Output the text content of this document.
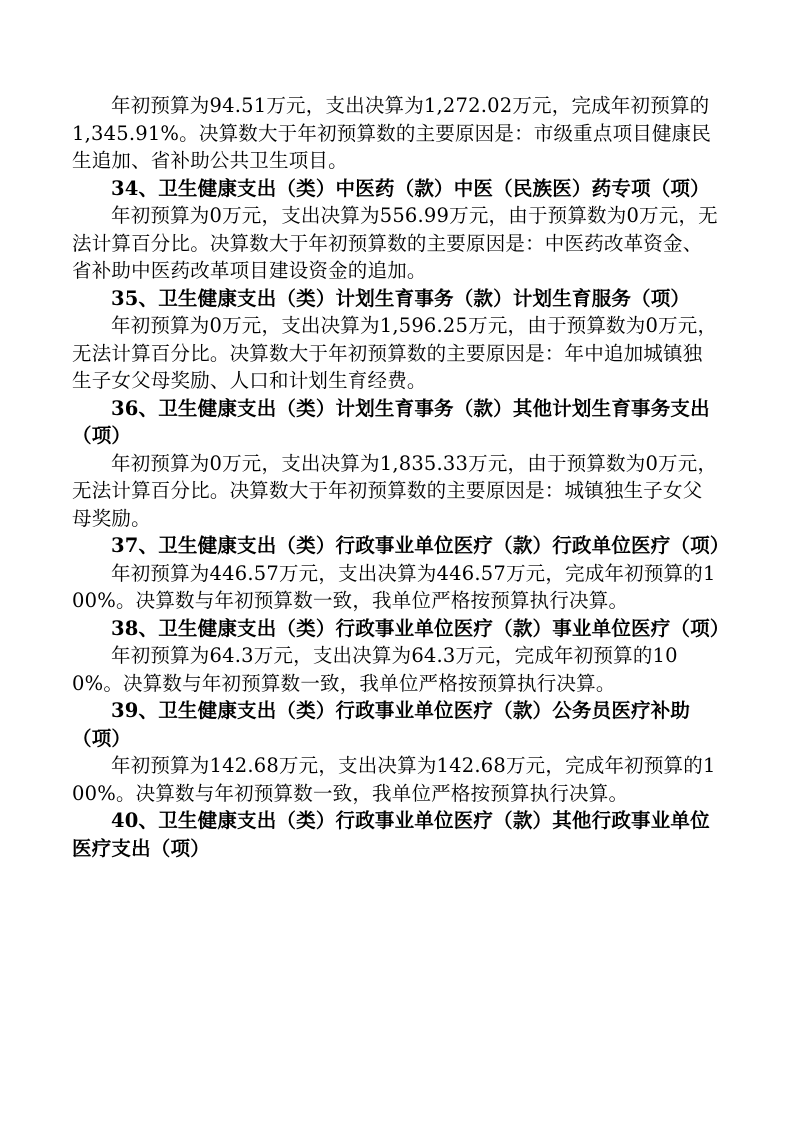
年初预算为94.51万元，支出决算为1,272.02万元，完成年初预算的1,345.91%。决算数大于年初预算数的主要原因是：市级重点项目健康民生追加、省补助公共卫生项目。

34、卫生健康支出（类）中医药（款）中医（民族医）药专项（项）

年初预算为0万元，支出决算为556.99万元，由于预算数为0万元，无法计算百分比。决算数大于年初预算数的主要原因是：中医药改革资金、省补助中医药改革项目建设资金的追加。

35、卫生健康支出（类）计划生育事务（款）计划生育服务（项）

年初预算为0万元，支出决算为1,596.25万元，由于预算数为0万元，无法计算百分比。决算数大于年初预算数的主要原因是：年中追加城镇独生子女父母奖励、人口和计划生育经费。

36、卫生健康支出（类）计划生育事务（款）其他计划生育事务支出（项）

年初预算为0万元，支出决算为1,835.33万元，由于预算数为0万元，无法计算百分比。决算数大于年初预算数的主要原因是：城镇独生子女父母奖励。

37、卫生健康支出（类）行政事业单位医疗（款）行政单位医疗（项）

年初预算为446.57万元，支出决算为446.57万元，完成年初预算的100%。决算数与年初预算数一致，我单位严格按预算执行决算。

38、卫生健康支出（类）行政事业单位医疗（款）事业单位医疗（项）

年初预算为64.3万元，支出决算为64.3万元，完成年初预算的100%。决算数与年初预算数一致，我单位严格按预算执行决算。

39、卫生健康支出（类）行政事业单位医疗（款）公务员医疗补助（项）

年初预算为142.68万元，支出决算为142.68万元，完成年初预算的100%。决算数与年初预算数一致，我单位严格按预算执行决算。

40、卫生健康支出（类）行政事业单位医疗（款）其他行政事业单位医疗支出（项）
